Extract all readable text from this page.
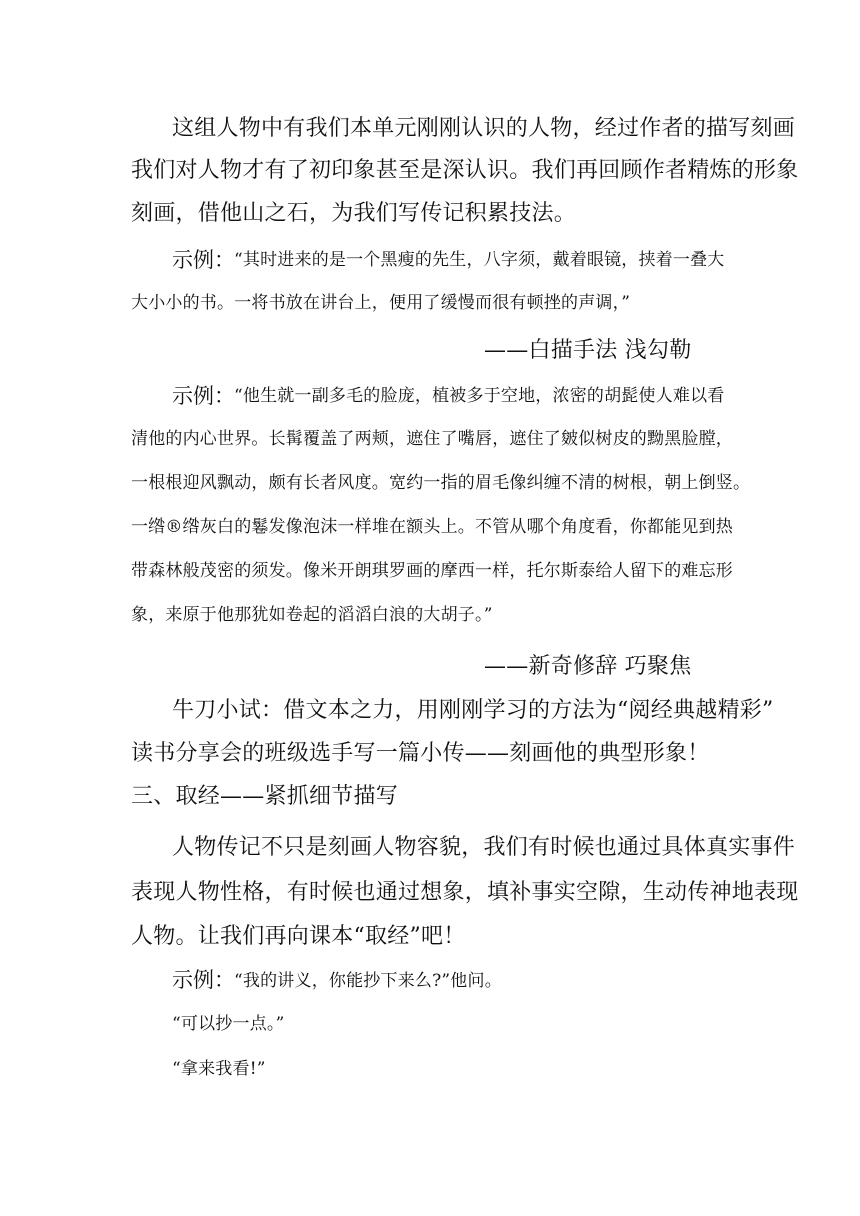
这组人物中有我们本单元刚刚认识的人物，经过作者的描写刻画
我们对人物才有了初印象甚至是深认识。我们再回顾作者精炼的形象
刻画，借他山之石，为我们写传记积累技法。
示例： “其时进来的是一个黑瘦的先生，八字须，戴着眼镜，挟着一叠大
大小小的书。一将书放在讲台上，便用了缓慢而很有顿挫的声调，”
——白描手法 浅勾勒
示例： “他生就一副多毛的脸庞，植被多于空地，浓密的胡髭使人难以看
清他的内心世界。长髯覆盖了两颊，遮住了嘴唇，遮住了皴似树皮的黝黑脸膛，
一根根迎风飘动，颇有长者风度。宽约一指的眉毛像纠缠不清的树根，朝上倒竖。
一绺®绺灰白的鬈发像泡沫一样堆在额头上。不管从哪个角度看，你都能见到热
带森林般茂密的须发。像米开朗琪罗画的摩西一样，托尔斯泰给人留下的难忘形
象，来原于他那犹如卷起的滔滔白浪的大胡子。”
——新奇修辞 巧聚焦
牛刀小试：借文本之力，用刚刚学习的方法为“阅经典越精彩”
读书分享会的班级选手写一篇小传——刻画他的典型形象！
三、取经——紧抓细节描写
人物传记不只是刻画人物容貌，我们有时候也通过具体真实事件
表现人物性格，有时候也通过想象，填补事实空隙，生动传神地表现
人物。让我们再向课本“取经”吧！
示例： “我的讲义，你能抄下来么?”他问。
“可以抄一点。”
“拿来我看!”
